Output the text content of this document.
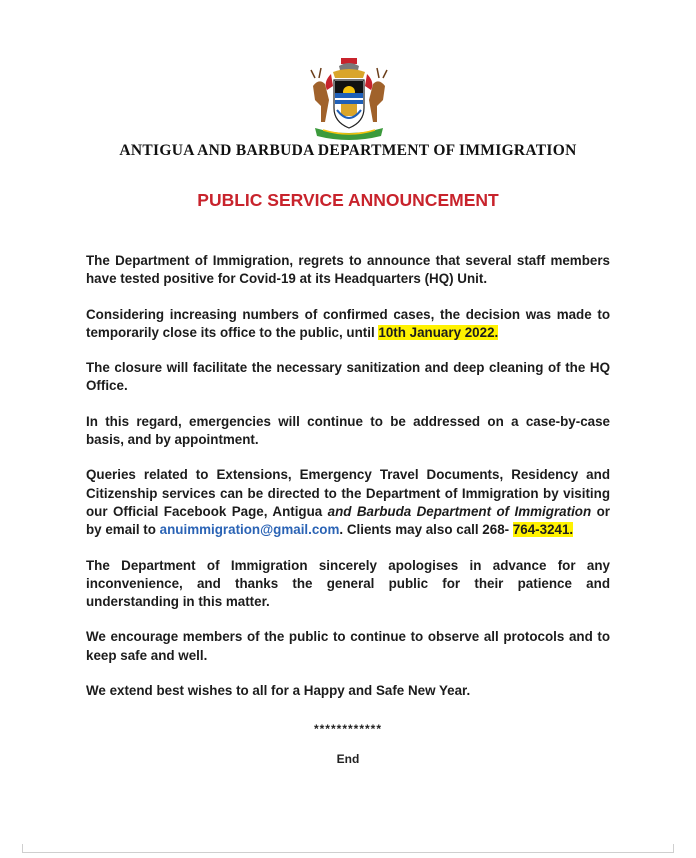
ANTIGUA AND BARBUDA DEPARTMENT OF IMMIGRATION
PUBLIC SERVICE ANNOUNCEMENT

The Department of Immigration, regrets to announce that several staff members have tested positive for Covid-19 at its Headquarters (HQ) Unit.

Considering increasing numbers of confirmed cases, the decision was made to temporarily close its office to the public, until 10th January 2022.

The closure will facilitate the necessary sanitization and deep cleaning of the HQ Office.

In this regard, emergencies will continue to be addressed on a case-by-case basis, and by appointment.

Queries related to Extensions, Emergency Travel Documents, Residency and Citizenship services can be directed to the Department of Immigration by visiting our Official Facebook Page, Antigua and Barbuda Department of Immigration or by email to anuimmigration@gmail.com. Clients may also call 268- 764-3241.

The Department of Immigration sincerely apologises in advance for any inconvenience, and thanks the general public for their patience and understanding in this matter.

We encourage members of the public to continue to observe all protocols and to keep safe and well.

We extend best wishes to all for a Happy and Safe New Year.

************
End
